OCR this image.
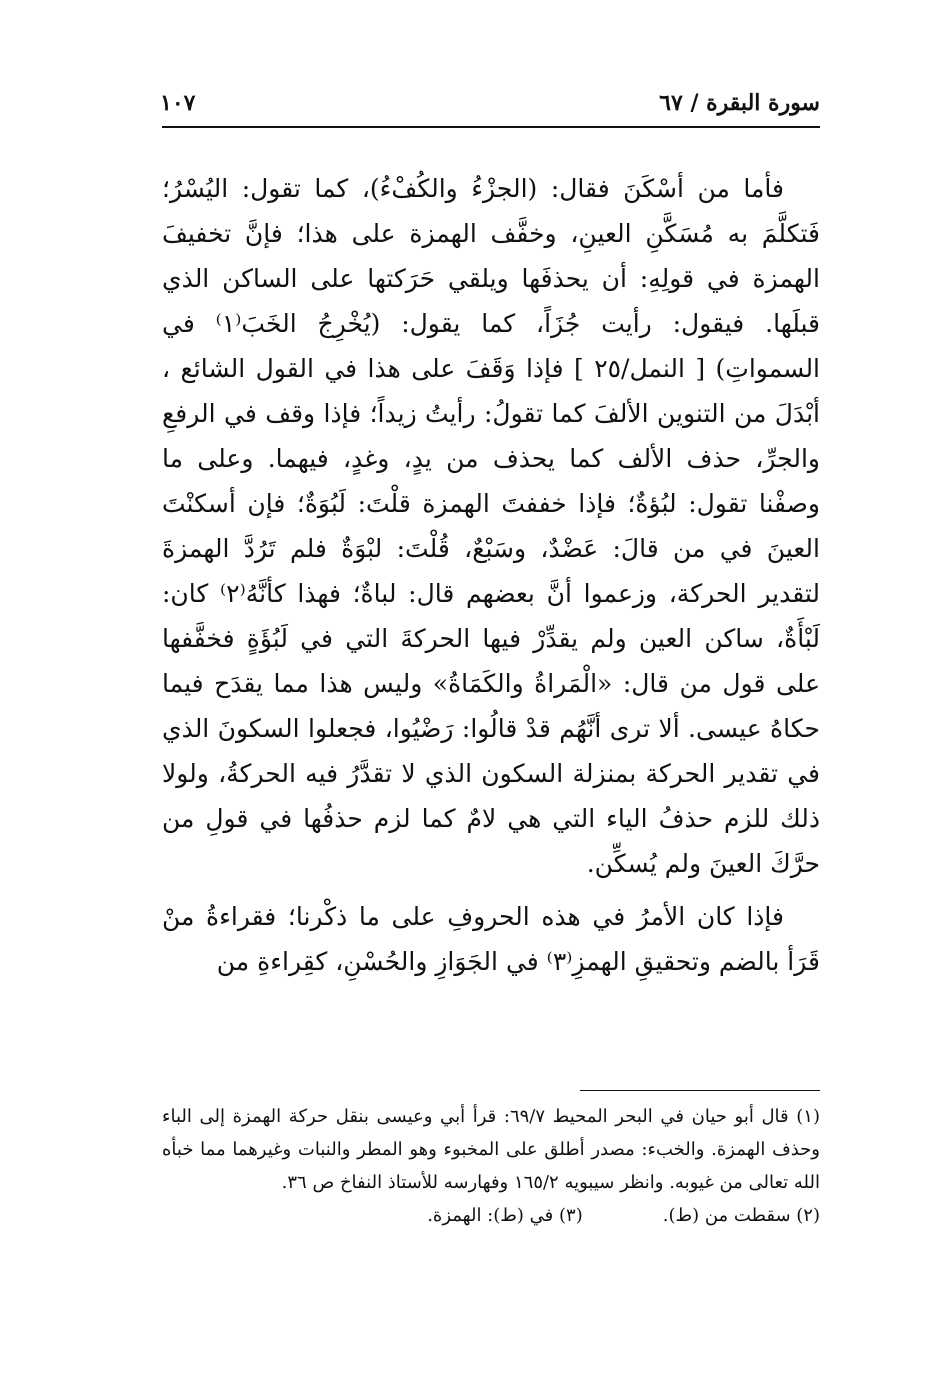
سورة البقرة / ٦٧
١٠٧

فأما من أسْكَنَ فقال: (الجزْءُ والكُفْءُ)، كما تقول: اليُسْرُ؛ فَتكلَّمَ به مُسَكَّنِ العينِ، وخفَّف الهمزة على هذا؛ فإنَّ تخفيفَ الهمزة في قولِهِ: أن يحذفَها ويلقي حَرَكتها على الساكن الذي قبلَها. فيقول: رأيت جُزَاً، كما يقول: (يُخْرِجُ الخَبَ⁽١⁾ في السمواتِ) [ النمل/٢٥ ] فإذا وَقَفَ على هذا في القول الشائع ، أبْدَلَ من التنوين الألفَ كما تقولُ: رأيتُ زيداً؛ فإذا وقف في الرفعِ والجرِّ، حذف الألف كما يحذف من يدٍ، وغدٍ، فيهما. وعلى ما وصفْنا تقول: لبُؤةٌ؛ فإذا خففتَ الهمزة قلْتَ: لَبُوَةٌ؛ فإن أسكنْتَ العينَ في من قالَ: عَضْدٌ، وسَبْعٌ، قُلْتَ: لبْوَةٌ فلم تَرُدَّ الهمزةَ لتقدير الحركة، وزعموا أنَّ بعضهم قال: لباةٌ؛ فهذا كأنَّهُ⁽٢⁾ كان: لَبْأَةٌ، ساكن العين ولم يقدِّرْ فيها الحركةَ التي في لَبُؤَةٍ فخفَّفها على قول من قال: «الْمَراةُ والكَمَاةُ» وليس هذا مما يقدَح فيما حكاهُ عيسى. ألا ترى أنَّهُم قدْ قالُوا: رَضْيُوا، فجعلوا السكونَ الذي في تقدير الحركة بمنزلة السكون الذي لا تقدَّرُ فيه الحركةُ، ولولا ذلك للزم حذفُ الياء التي هي لامٌ كما لزم حذفُها في قولِ من حرَّكَ العينَ ولم يُسكِّن.

فإذا كان الأمرُ في هذه الحروفِ على ما ذكْرنا؛ فقراءةُ منْ قَرَأ بالضم وتحقيقِ الهمزِ⁽٣⁾ في الجَوَازِ والحُسْنِ، كقِراءةِ من

(١) قال أبو حيان في البحر المحيط ٦٩/٧: قرأ أبي وعيسى بنقل حركة الهمزة إلى الباء وحذف الهمزة. والخبء: مصدر أطلق على المخبوء وهو المطر والنبات وغيرهما مما خبأه الله تعالى من غيوبه. وانظر سيبويه ١٦٥/٢ وفهارسه للأستاذ النفاخ ص ٣٦.

(٢) سقطت من (ط).
(٣) في (ط): الهمزة.
